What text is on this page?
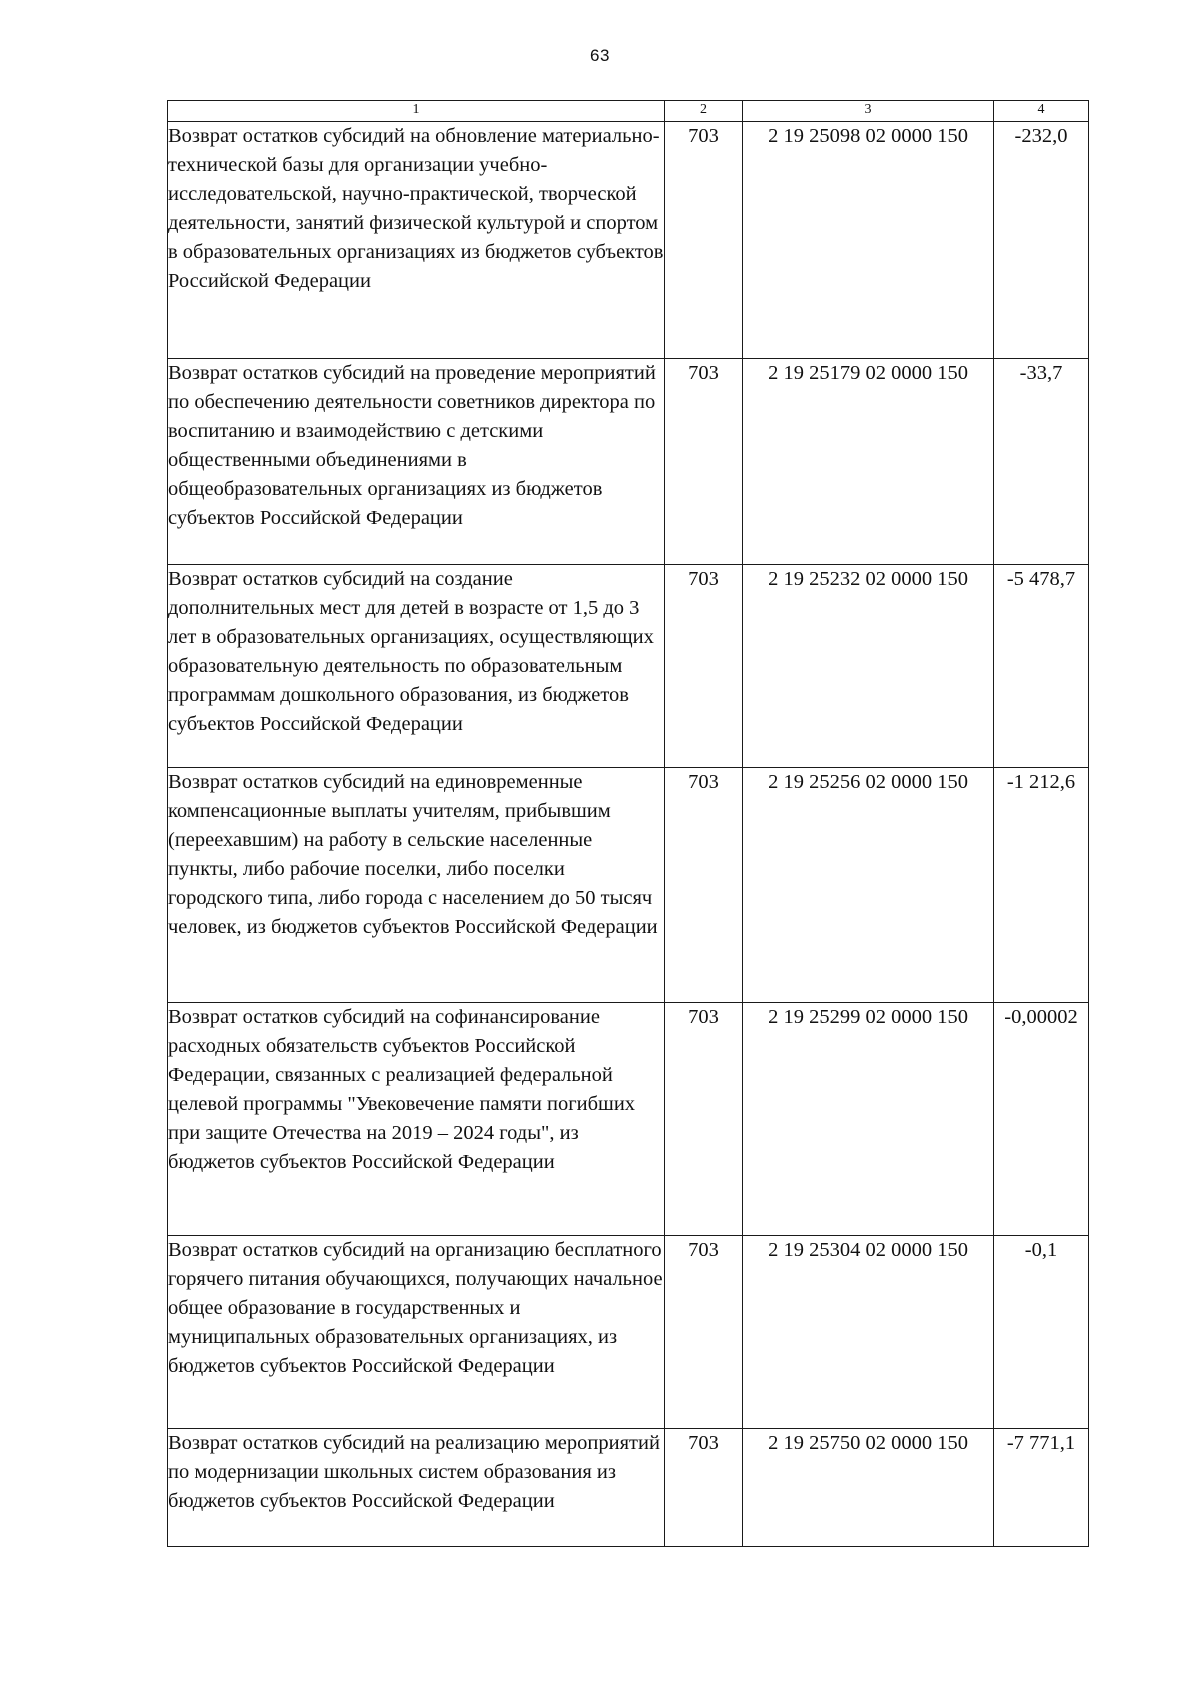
63
1	2	3	4
Возврат остатков субсидий на обновление материально-технической базы для организации учебно-исследовательской, научно-практической, творческой деятельности, занятий физической культурой и спортом в образовательных организациях из бюджетов субъектов Российской Федерации	703	2 19 25098 02 0000 150	-232,0
Возврат остатков субсидий на проведение мероприятий по обеспечению деятельности советников директора по воспитанию и взаимодействию с детскими общественными объединениями в общеобразовательных организациях из бюджетов субъектов Российской Федерации	703	2 19 25179 02 0000 150	-33,7
Возврат остатков субсидий на создание дополнительных мест для детей в возрасте от 1,5 до 3 лет в образовательных организациях, осуществляющих образовательную деятельность по образовательным программам дошкольного образования, из бюджетов субъектов Российской Федерации	703	2 19 25232 02 0000 150	-5 478,7
Возврат остатков субсидий на единовременные компенсационные выплаты учителям, прибывшим (переехавшим) на работу в сельские населенные пункты, либо рабочие поселки, либо поселки городского типа, либо города с населением до 50 тысяч человек, из бюджетов субъектов Российской Федерации	703	2 19 25256 02 0000 150	-1 212,6
Возврат остатков субсидий на софинансирование расходных обязательств субъектов Российской Федерации, связанных с реализацией федеральной целевой программы "Увековечение памяти погибших при защите Отечества на 2019 – 2024 годы", из бюджетов субъектов Российской Федерации	703	2 19 25299 02 0000 150	-0,00002
Возврат остатков субсидий на организацию бесплатного горячего питания обучающихся, получающих начальное общее образование в государственных и муниципальных образовательных организациях, из бюджетов субъектов Российской Федерации	703	2 19 25304 02 0000 150	-0,1
Возврат остатков субсидий на реализацию мероприятий по модернизации школьных систем образования из бюджетов субъектов Российской Федерации	703	2 19 25750 02 0000 150	-7 771,1
